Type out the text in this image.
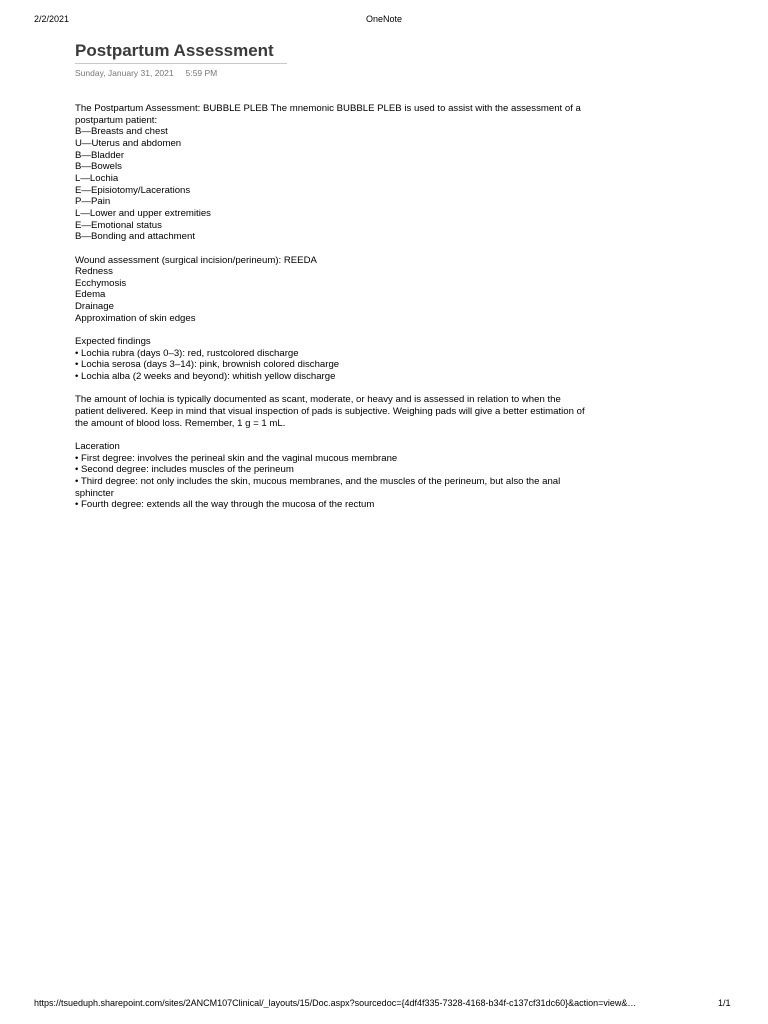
2/2/2021	OneNote
Postpartum Assessment
Sunday, January 31, 2021 5:59 PM

The Postpartum Assessment: BUBBLE PLEB The mnemonic BUBBLE PLEB is used to assist with the assessment of a postpartum patient:

B—Breasts and chest
U—Uterus and abdomen
B—Bladder
B—Bowels
L—Lochia
E—Episiotomy/Lacerations
P—Pain
L—Lower and upper extremities
E—Emotional status
B—Bonding and attachment
Wound assessment (surgical incision/perineum): REEDA
Redness
Ecchymosis
Edema
Drainage
Approximation of skin edges
Expected findings
• Lochia rubra (days 0–3): red, rustcolored discharge
• Lochia serosa (days 3–14): pink, brownish colored discharge
• Lochia alba (2 weeks and beyond): whitish yellow discharge

The amount of lochia is typically documented as scant, moderate, or heavy and is assessed in relation to when the patient delivered. Keep in mind that visual inspection of pads is subjective. Weighing pads will give a better estimation of the amount of blood loss. Remember, 1 g = 1 mL.

Laceration
• First degree: involves the perineal skin and the vaginal mucous membrane
• Second degree: includes muscles of the perineum
• Third degree: not only includes the skin, mucous membranes, and the muscles of the perineum, but also the anal sphincter
• Fourth degree: extends all the way through the mucosa of the rectum
https://tsueduph.sharepoint.com/sites/2ANCM107Clinical/_layouts/15/Doc.aspx?sourcedoc={4df4f335-7328-4168-b34f-c137cf31dc60}&action=view&…	1/1
